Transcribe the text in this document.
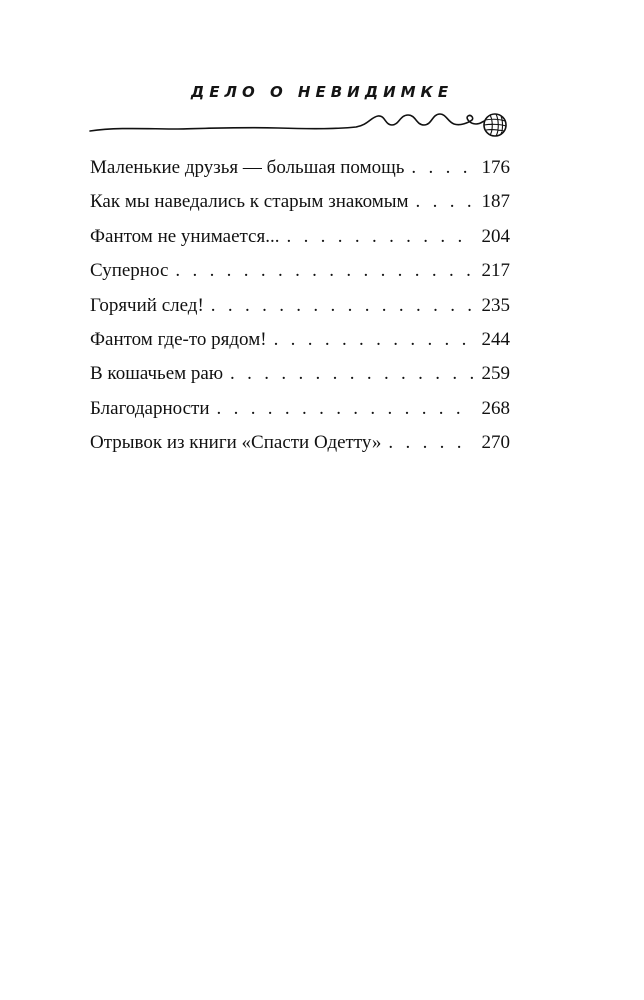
ДЕЛО О НЕВИДИМКЕ
Маленькие друзья — большая помощь . . .	176
Как мы наведались к старым знакомым . . .	187
Фантом не унимается... . . .	204
Супернос . . .	217
Горячий след! . . .	235
Фантом где-то рядом! . . .	244
В кошачьем раю . . .	259
Благодарности . . .	268
Отрывок из книги «Спасти Одетту» . . .	270
